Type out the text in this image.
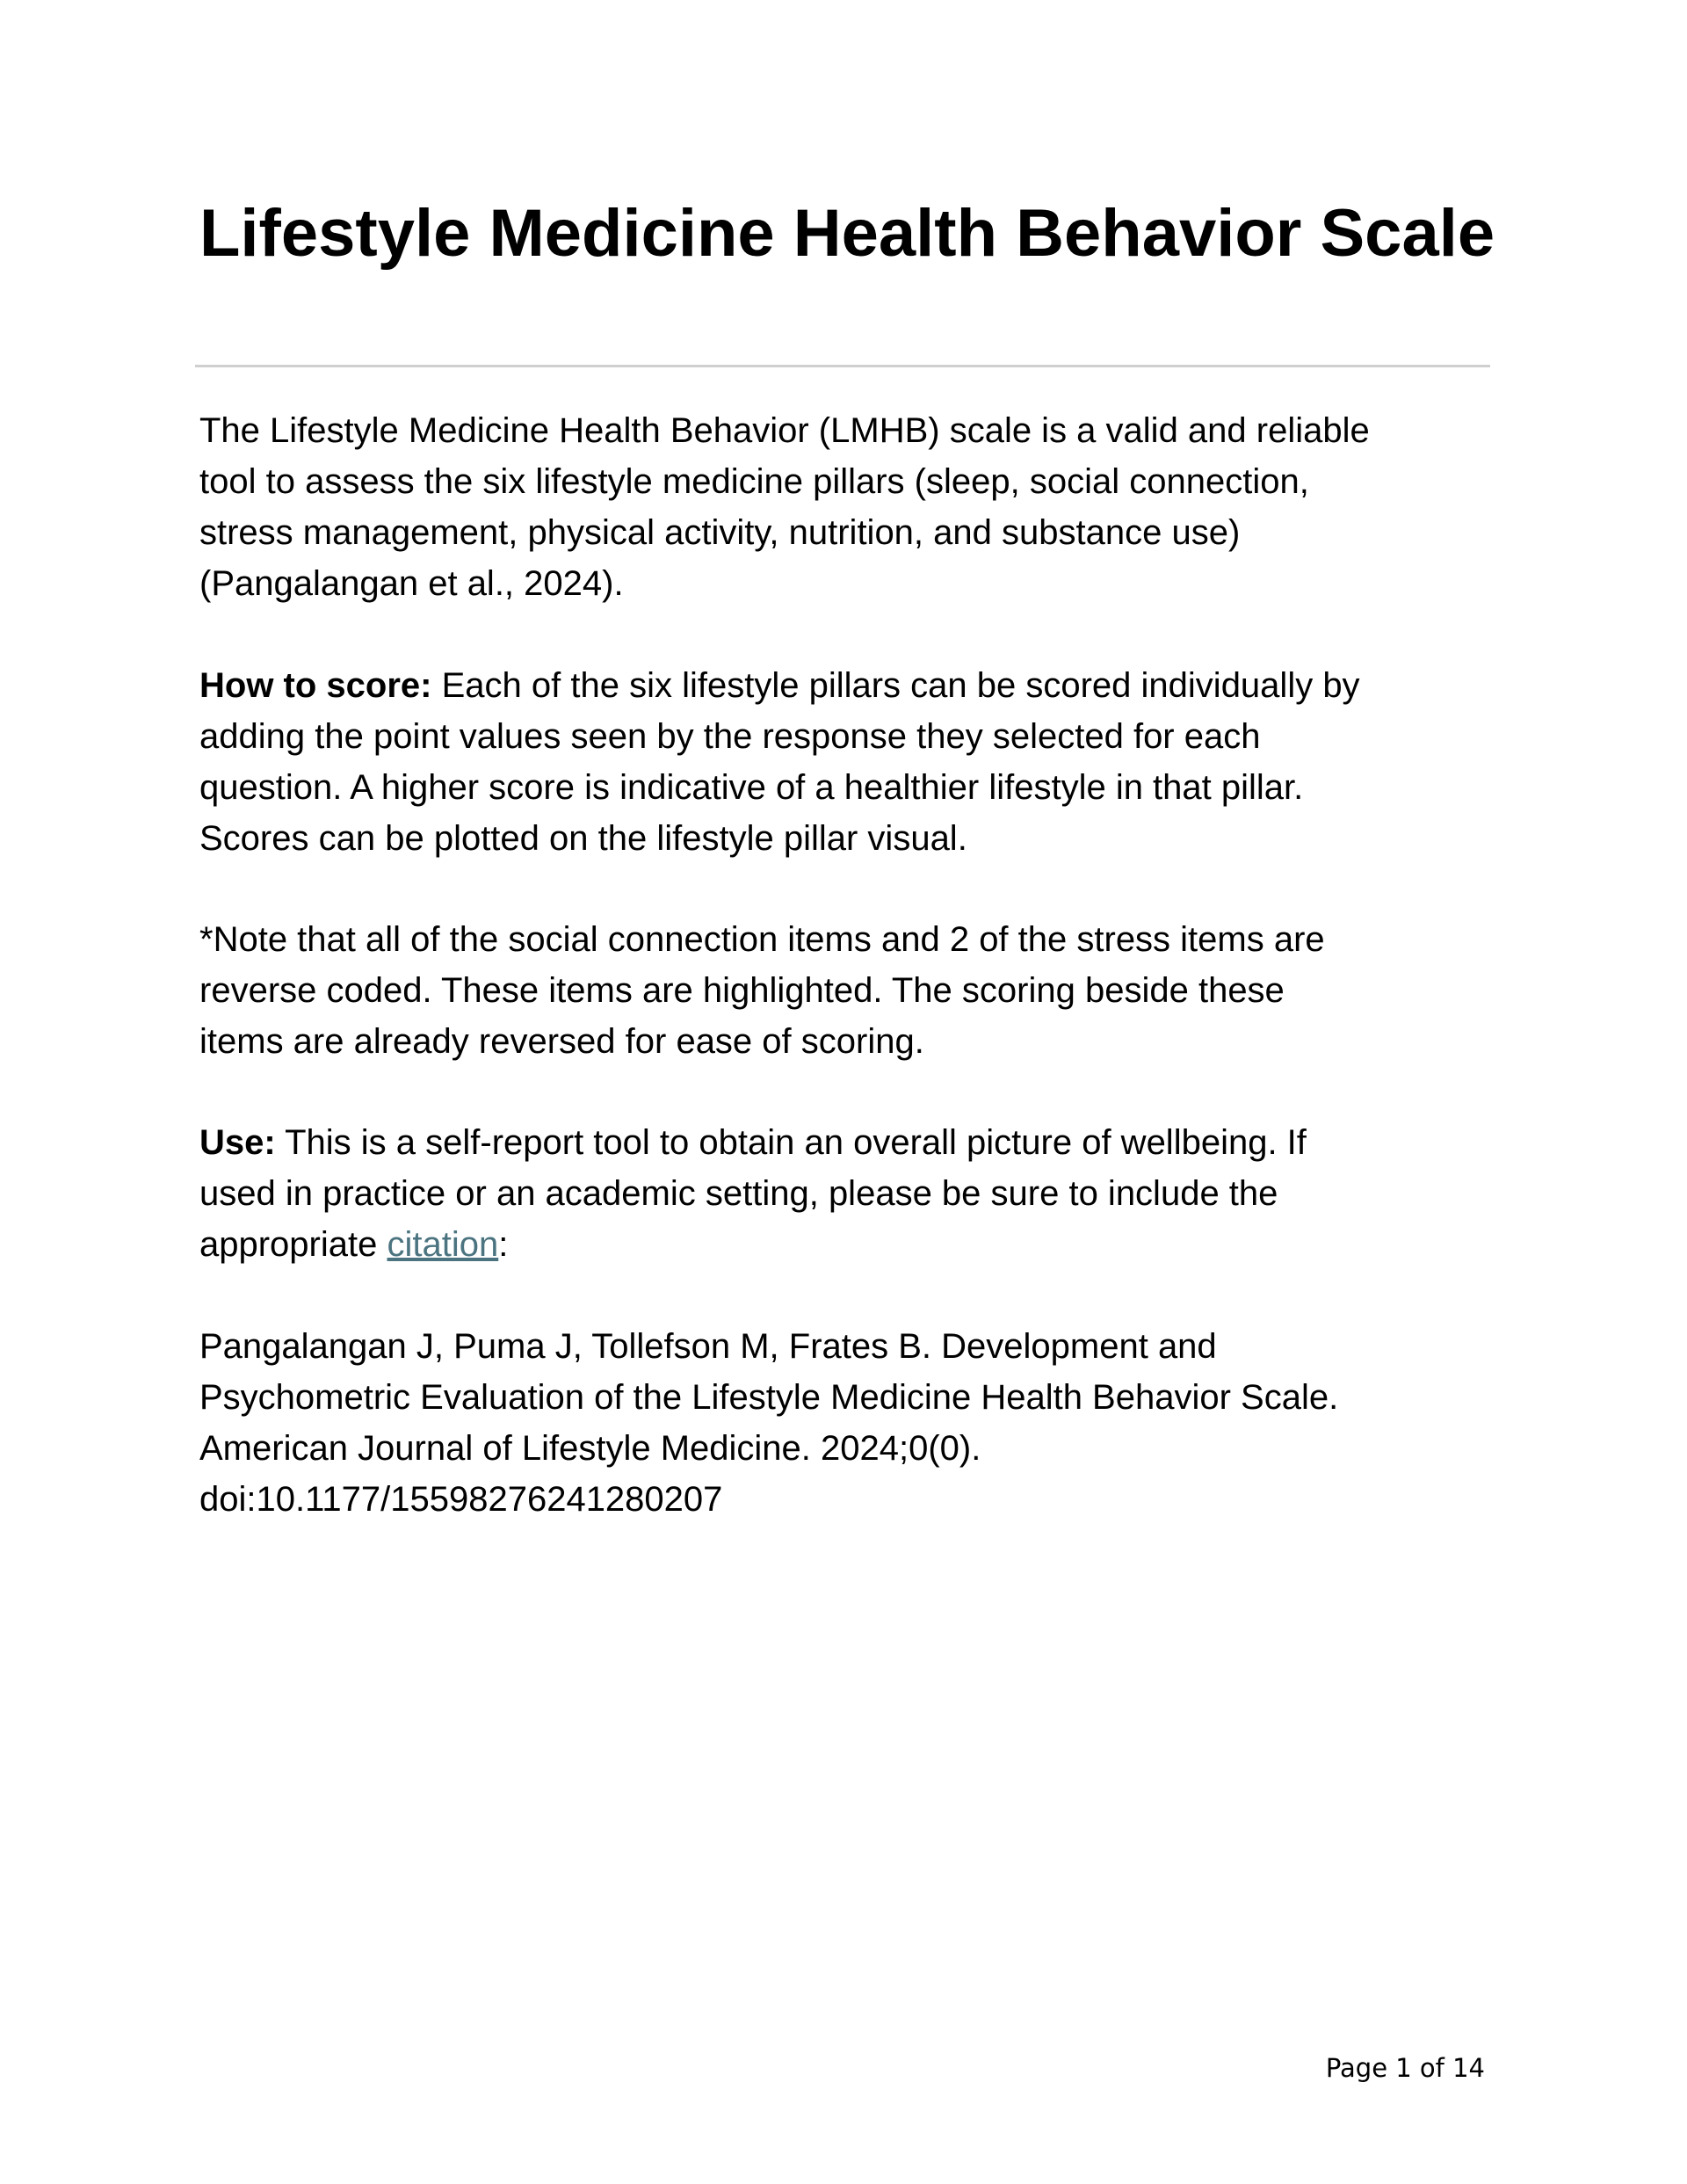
Lifestyle Medicine Health Behavior Scale

The Lifestyle Medicine Health Behavior (LMHB) scale is a valid and reliable
tool to assess the six lifestyle medicine pillars (sleep, social connection,
stress management, physical activity, nutrition, and substance use)
(Pangalangan et al., 2024).

How to score: Each of the six lifestyle pillars can be scored individually by
adding the point values seen by the response they selected for each
question. A higher score is indicative of a healthier lifestyle in that pillar.
Scores can be plotted on the lifestyle pillar visual.

*Note that all of the social connection items and 2 of the stress items are
reverse coded. These items are highlighted. The scoring beside these
items are already reversed for ease of scoring.

Use: This is a self-report tool to obtain an overall picture of wellbeing. If
used in practice or an academic setting, please be sure to include the
appropriate citation:

Pangalangan J, Puma J, Tollefson M, Frates B. Development and
Psychometric Evaluation of the Lifestyle Medicine Health Behavior Scale.
American Journal of Lifestyle Medicine. 2024;0(0).
doi:10.1177/15598276241280207

Page 1 of 14
